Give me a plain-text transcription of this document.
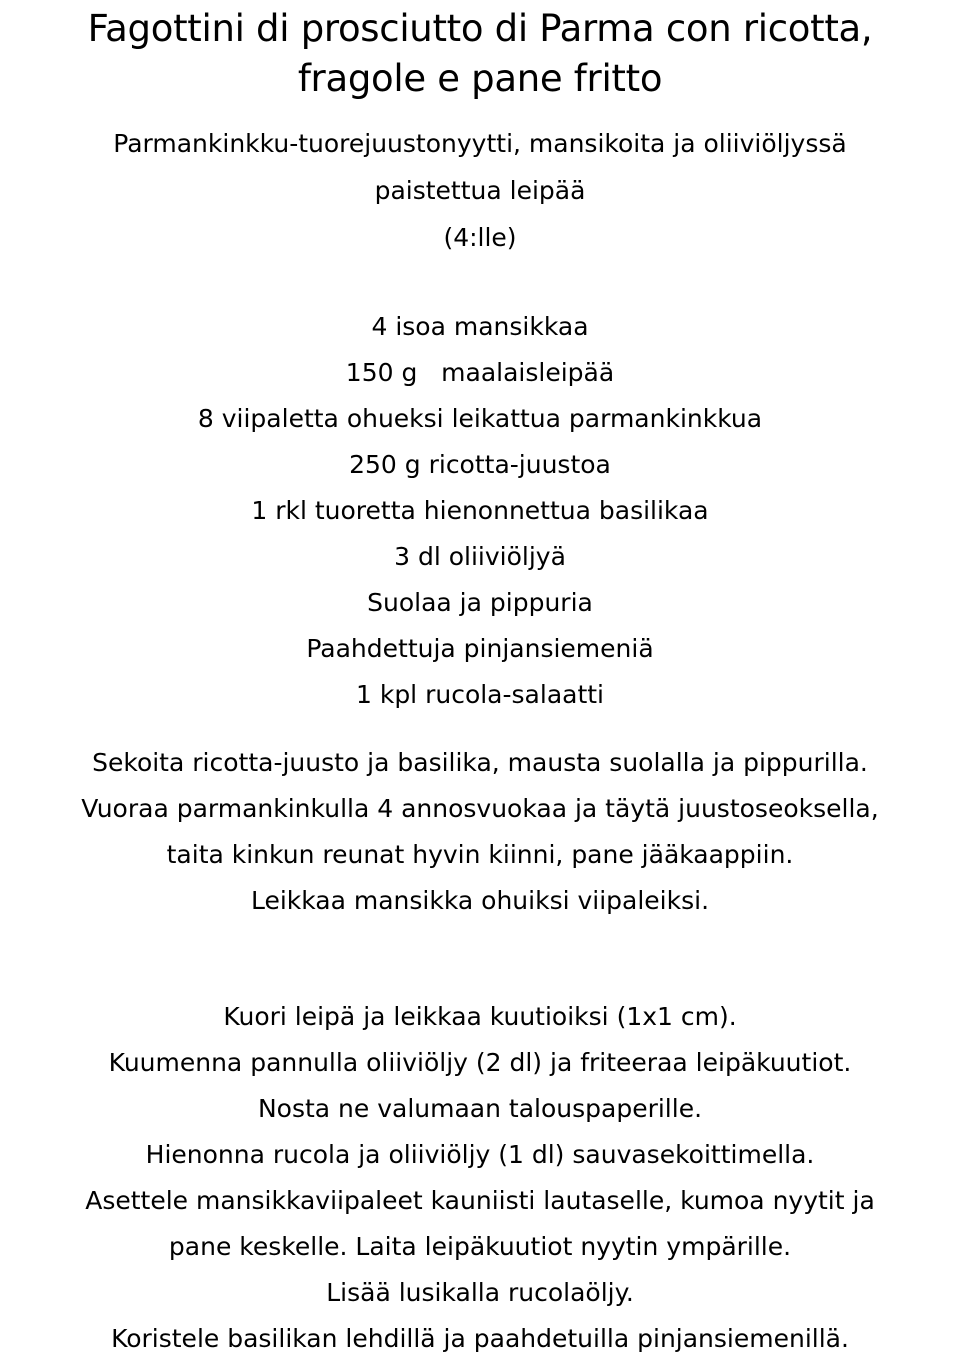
Fagottini di prosciutto di Parma con ricotta,
fragole e pane fritto
Parmankinkku-tuorejuustonyytti, mansikoita ja oliiviöljyssä
paistettua leipää
(4:lle)
4 isoa mansikkaa
150 g   maalaisleipää
8 viipaletta ohueksi leikattua parmankinkkua
250 g ricotta-juustoa
1 rkl tuoretta hienonnettua basilikaa
3 dl oliiviöljyä
Suolaa ja pippuria
Paahdettuja pinjansiemeniä
1 kpl rucola-salaatti
Sekoita ricotta-juusto ja basilika, mausta suolalla ja pippurilla.
Vuoraa parmankinkulla 4 annosvuokaa ja täytä juustoseoksella,
taita kinkun reunat hyvin kiinni, pane jääkaappiin.
Leikkaa mansikka ohuiksi viipaleiksi.
Kuori leipä ja leikkaa kuutioiksi (1x1 cm).
Kuumenna pannulla oliiviöljy (2 dl) ja friteeraa leipäkuutiot.
Nosta ne valumaan talouspaperille.
Hienonna rucola ja oliiviöljy (1 dl) sauvasekoittimella.
Asettele mansikkaviipaleet kauniisti lautaselle, kumoa nyytit ja
pane keskelle. Laita leipäkuutiot nyytin ympärille.
Lisää lusikalla rucolaöljy.
Koristele basilikan lehdillä ja paahdetuilla pinjansiemenillä.
